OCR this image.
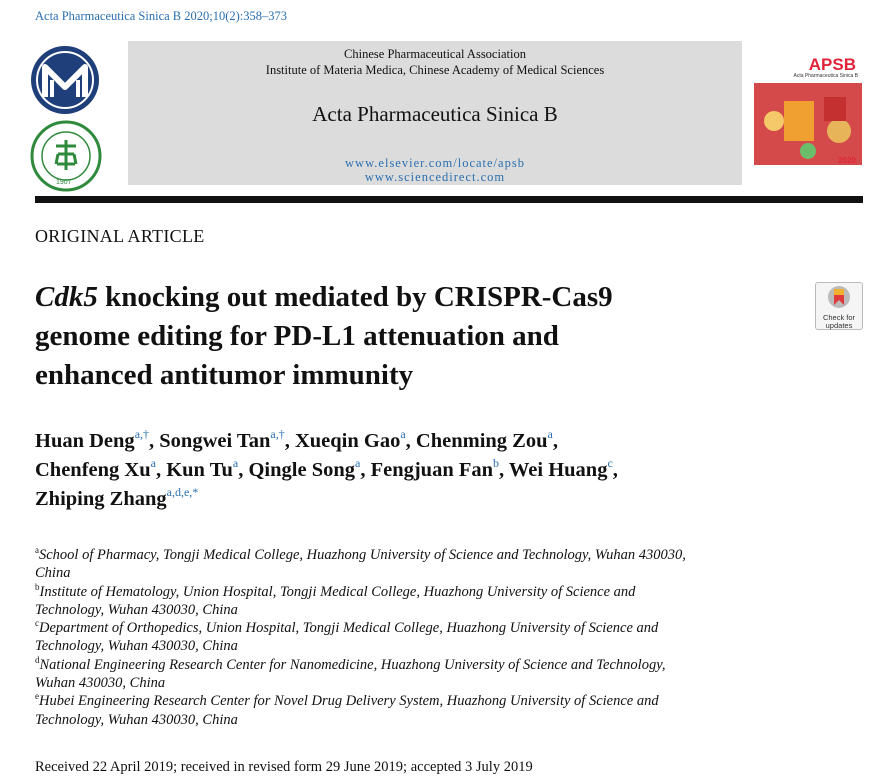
Acta Pharmaceutica Sinica B 2020;10(2):358–373
1907
Chinese Pharmaceutical Association
Institute of Materia Medica, Chinese Academy of Medical Sciences
Acta Pharmaceutica Sinica B
www.elsevier.com/locate/apsb
www.sciencedirect.com
APSB
Acta Pharmaceutica Sinica B
2020
ORIGINAL ARTICLE
Cdk5 knocking out mediated by CRISPR-Cas9
genome editing for PD-L1 attenuation and
enhanced antitumor immunity
Check for
updates
Huan Deng$^{a,\dagger}$, Songwei Tan$^{a,\dagger}$, Xueqin Gao$^a$, Chenming Zou$^a$,
Chenfeng Xu$^a$, Kun Tu$^a$, Qingle Song$^a$, Fengjuan Fan$^b$, Wei Huang$^c$,
Zhiping Zhang$^{a,d,e,*}$
$^a$School of Pharmacy, Tongji Medical College, Huazhong University of Science and Technology, Wuhan 430030,
China
$^b$Institute of Hematology, Union Hospital, Tongji Medical College, Huazhong University of Science and
Technology, Wuhan 430030, China
$^c$Department of Orthopedics, Union Hospital, Tongji Medical College, Huazhong University of Science and
Technology, Wuhan 430030, China
$^d$National Engineering Research Center for Nanomedicine, Huazhong University of Science and Technology,
Wuhan 430030, China
$^e$Hubei Engineering Research Center for Novel Drug Delivery System, Huazhong University of Science and
Technology, Wuhan 430030, China
Received 22 April 2019; received in revised form 29 June 2019; accepted 3 July 2019
